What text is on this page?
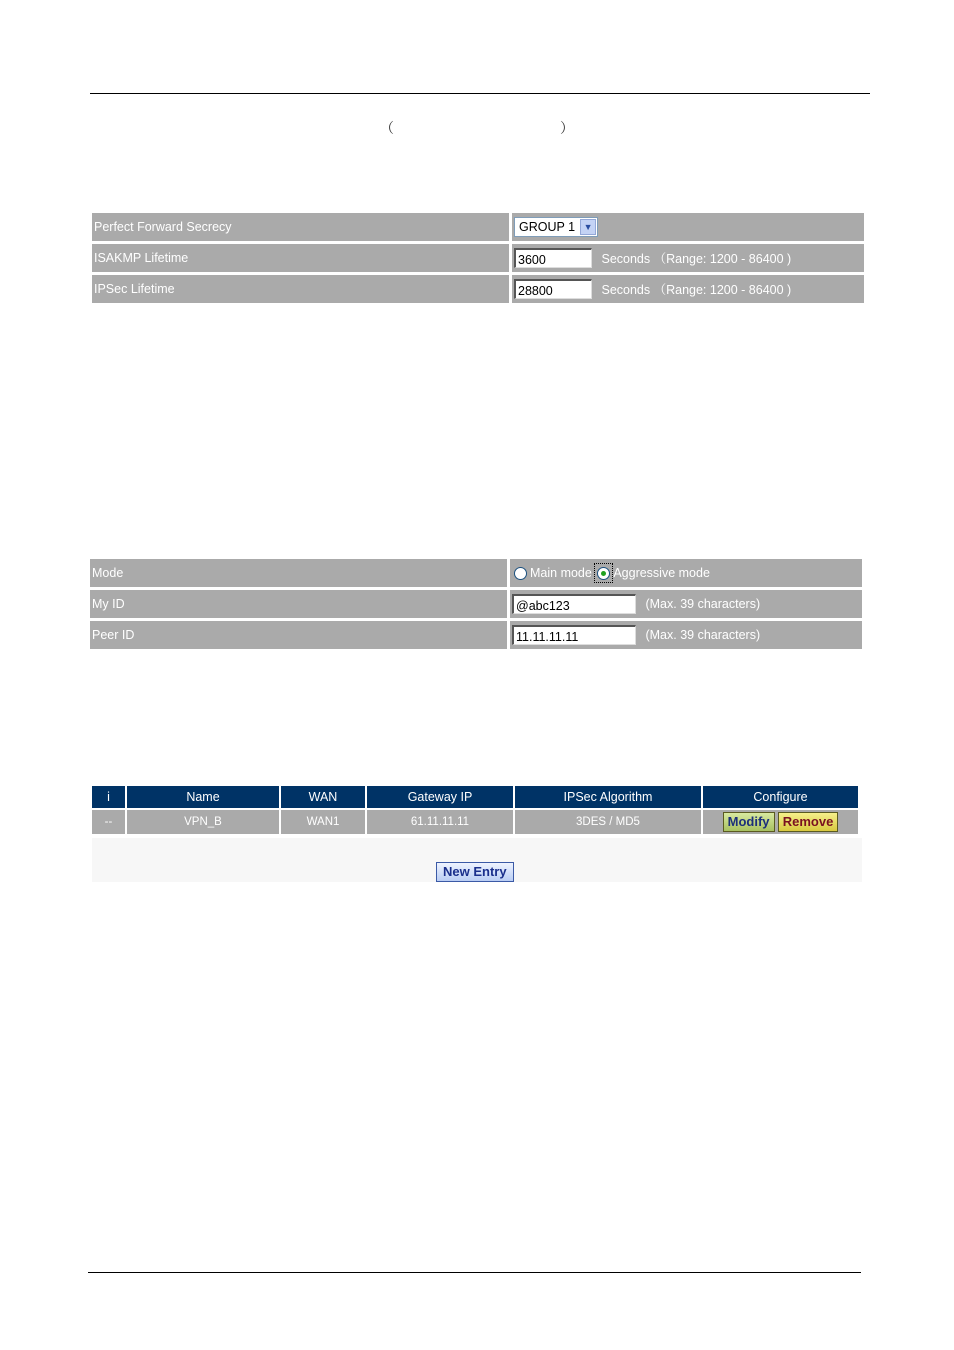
（	）
Perfect Forward Secrecy	GROUP 1 ▼

ISAKMP Lifetime	3600 Seconds （Range: 1200 - 86400 )
IPSec Lifetime	28800 Seconds （Range: 1200 - 86400 )
Mode	Main mode Aggressive mode
My ID	@abc123 (Max. 39 characters)
Peer ID	11.11.11.11 (Max. 39 characters)
i	Name	WAN	Gateway IP	IPSec Algorithm	Configure
--	VPN_B	WAN1	61.11.11.11	3DES / MD5	Modify Remove
New Entry
